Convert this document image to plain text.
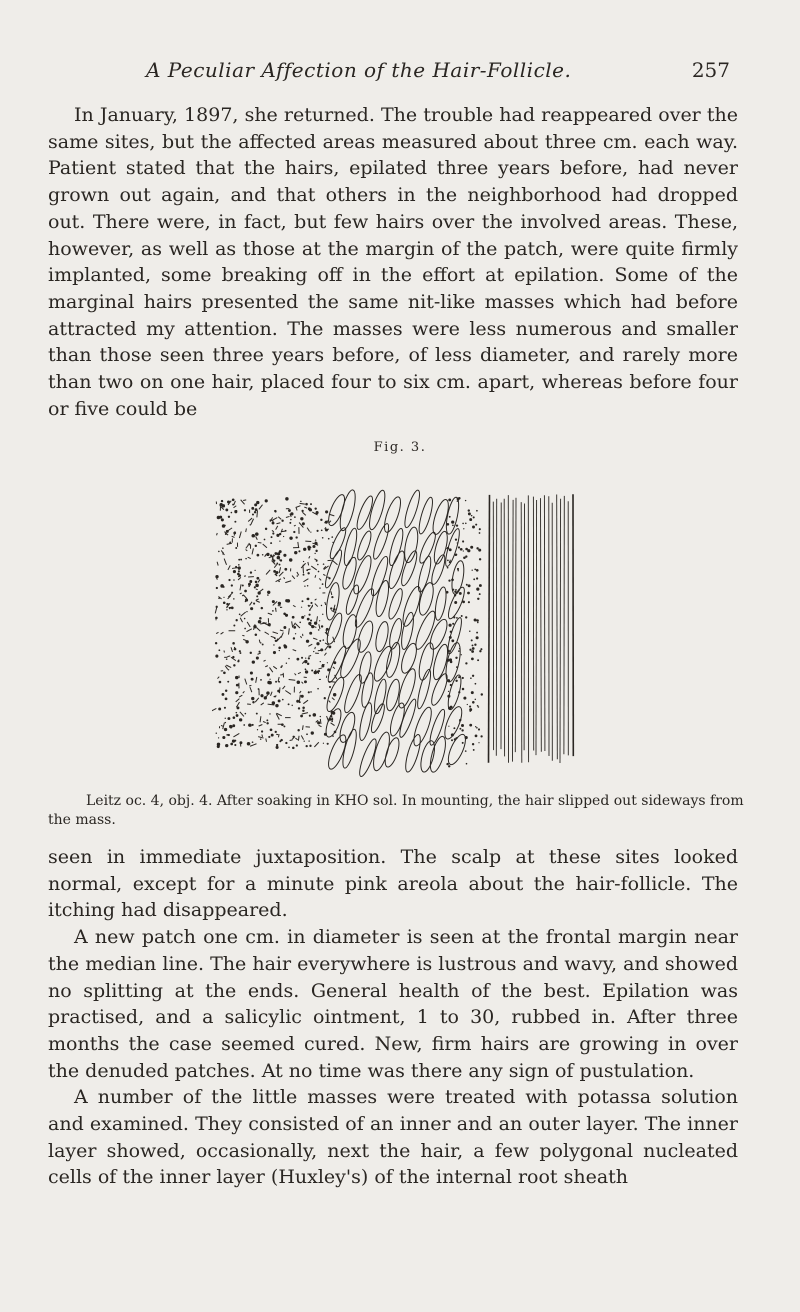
A Peculiar Affection of the Hair-Follicle.	257

In January, 1897, she returned. The trouble had reappeared over the same sites, but the affected areas measured about three cm. each way. Patient stated that the hairs, epilated three years before, had never grown out again, and that others in the neighborhood had dropped out. There were, in fact, but few hairs over the involved areas. These, however, as well as those at the margin of the patch, were quite firmly implanted, some breaking off in the effort at epilation. Some of the marginal hairs presented the same nit-like masses which had before attracted my attention. The masses were less numerous and smaller than those seen three years before, of less diameter, and rarely more than two on one hair, placed four to six cm. apart, whereas before four or five could be

Fig. 3.
Leitz oc. 4, obj. 4. After soaking in KHO sol. In mounting, the hair slipped out sideways from the mass.

seen in immediate juxtaposition. The scalp at these sites looked normal, except for a minute pink areola about the hair-follicle. The itching had disappeared.

A new patch one cm. in diameter is seen at the frontal margin near the median line. The hair everywhere is lustrous and wavy, and showed no splitting at the ends. General health of the best. Epilation was practised, and a salicylic ointment, 1 to 30, rubbed in. After three months the case seemed cured. New, firm hairs are growing in over the denuded patches. At no time was there any sign of pustulation.

A number of the little masses were treated with potassa solution and examined. They consisted of an inner and an outer layer. The inner layer showed, occasionally, next the hair, a few polygonal nucleated cells of the inner layer (Huxley's) of the internal root sheath
